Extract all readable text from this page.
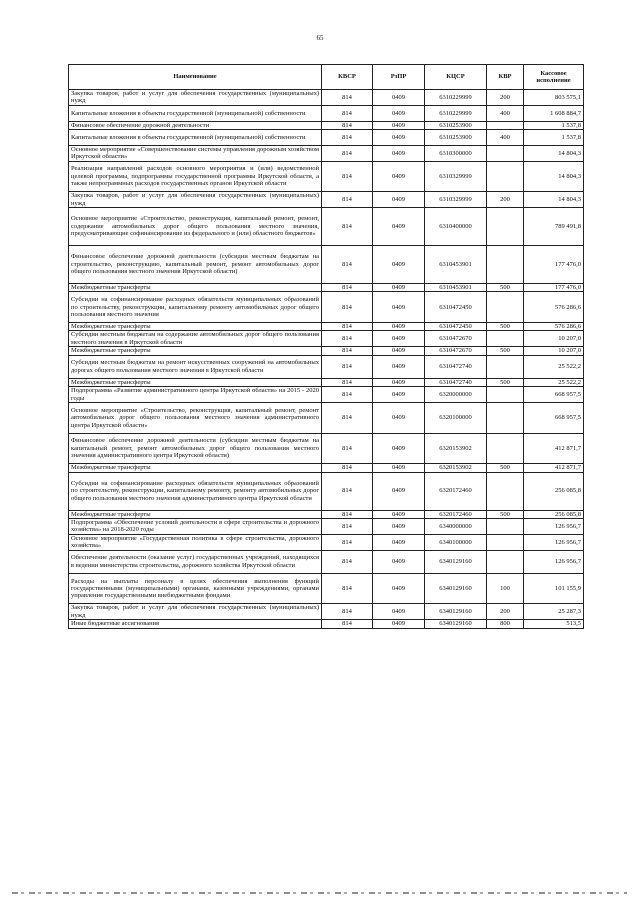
65
Наименование	КВСР	РзПР	КЦСР	КВР	Кассовое исполнение
Закупка товаров, работ и услуг для обеспечения государственных (муниципальных) нужд	814	0409	6310229999	200	803 575,1
Капитальные вложения в объекты государственной (муниципальной) собственности	814	0409	6310229999	400	1 608 884,7
Финансовое обеспечение дорожной деятельности	814	0409	6310253900		1 537,8
Капитальные вложения в объекты государственной (муниципальной) собственности	814	0409	6310253900	400	1 537,8
Основное мероприятие «Совершенствование системы управления дорожным хозяйством Иркутской области»	814	0409	6310300000		14 804,3
Реализация направлений расходов основного мероприятия и (или) ведомственной целевой программы, подпрограммы государственной программы Иркутской области, а также непрограммных расходов государственных органов Иркутской области	814	0409	6310329999		14 804,3
Закупка товаров, работ и услуг для обеспечения государственных (муниципальных) нужд	814	0409	6310329999	200	14 804,3
Основное мероприятие «Строительство, реконструкция, капитальный ремонт, ремонт, содержание автомобильных дорог общего пользования местного значения, предусматривающие софинансирование из федерального и (или) областного бюджетов»	814	0409	6310400000		789 491,8
Финансовое обеспечение дорожной деятельности (субсидии местным бюджетам на строительство, реконструкцию, капитальный ремонт, ремонт автомобильных дорог общего пользования местного значения Иркутской области)	814	0409	6310453901		177 476,0
Межбюджетные трансферты	814	0409	6310453901	500	177 476,0
Субсидии на софинансирование расходных обязательств муниципальных образований по строительству, реконструкции, капитальному ремонту автомобильных дорог общего пользования местного значения	814	0409	6310472450		576 286,6
Межбюджетные трансферты	814	0409	6310472450	500	576 286,6
Субсидии местным бюджетам на содержание автомобильных дорог общего пользования местного значения в Иркутской области	814	0409	6310472670		10 207,0
Межбюджетные трансферты	814	0409	6310472670	500	10 207,0
Субсидии местным бюджетам на ремонт искусственных сооружений на автомобильных дорогах общего пользования местного значения в Иркутской области	814	0409	6310472740		25 522,2
Межбюджетные трансферты	814	0409	6310472740	500	25 522,2
Подпрограмма «Развитие административного центра Иркутской области» на 2015 - 2020 годы	814	0409	6320000000		668 957,5
Основное мероприятие «Строительство, реконструкция, капитальный ремонт, ремонт автомобильных дорог общего пользования местного значения административного центра Иркутской области»	814	0409	6320100000		668 957,5
Финансовое обеспечение дорожной деятельности (субсидии местным бюджетам на капитальный ремонт, ремонт автомобильных дорог общего пользования местного значения административного центра Иркутской области)	814	0409	6320153902		412 871,7
Межбюджетные трансферты	814	0409	6320153902	500	412 871,7
Субсидии на софинансирование расходных обязательств муниципальных образований по строительству, реконструкции, капитальному ремонту, ремонту автомобильных дорог общего пользования местного значения административного центра Иркутской области	814	0409	6320172460		256 085,8
Межбюджетные трансферты	814	0409	6320172460	500	256 085,8
Подпрограмма «Обеспечение условий деятельности в сфере строительства и дорожного хозяйства» на 2018-2020 годы	814	0409	6340000000		126 956,7
Основное мероприятие «Государственная политика в сфере строительства, дорожного хозяйства»	814	0409	6340100000		126 956,7
Обеспечение деятельности (оказание услуг) государственных учреждений, находящихся в ведении министерства строительства, дорожного хозяйства Иркутской области	814	0409	6340129160		126 956,7
Расходы на выплаты персоналу в целях обеспечения выполнения функций государственными (муниципальными) органами, казенными учреждениями, органами управления государственными внебюджетными фондами	814	0409	6340129160	100	101 155,9
Закупка товаров, работ и услуг для обеспечения государственных (муниципальных) нужд	814	0409	6340129160	200	25 287,3
Иные бюджетные ассигнования	814	0409	6340129160	800	513,5
